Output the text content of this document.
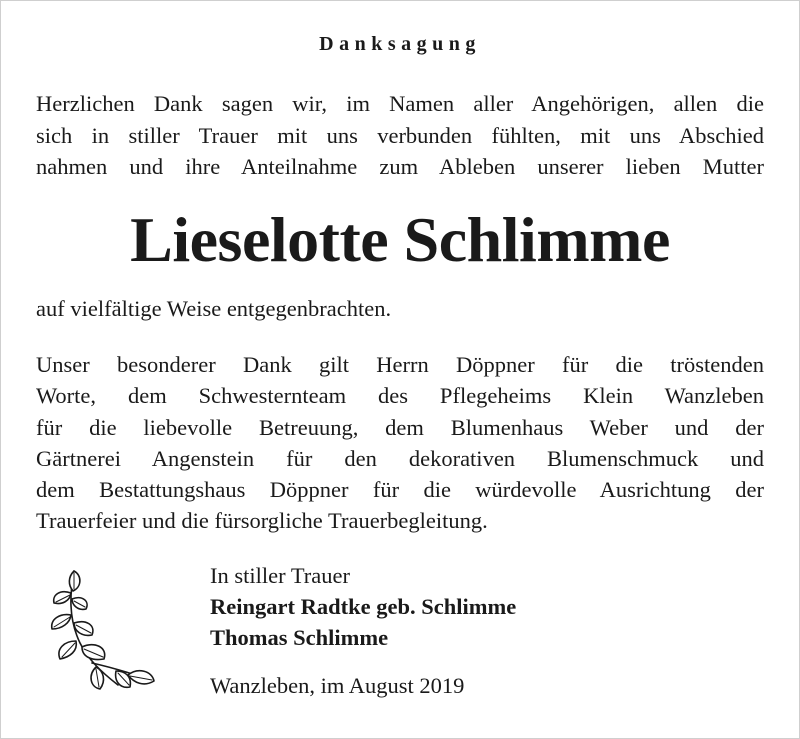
Danksagung
Herzlichen Dank sagen wir, im Namen aller Angehörigen, allen die
sich in stiller Trauer mit uns verbunden fühlten, mit uns Abschied
nahmen und ihre Anteilnahme zum Ableben unserer lieben Mutter
Lieselotte Schlimme
auf vielfältige Weise entgegenbrachten.
Unser besonderer Dank gilt Herrn Döppner für die tröstenden
Worte, dem Schwesternteam des Pflegeheims Klein Wanzleben
für die liebevolle Betreuung, dem Blumenhaus Weber und der
Gärtnerei Angenstein für den dekorativen Blumenschmuck und
dem Bestattungshaus Döppner für die würdevolle Ausrichtung der
Trauerfeier und die fürsorgliche Trauerbegleitung.
In stiller Trauer
Reingart Radtke geb. Schlimme
Thomas Schlimme
Wanzleben, im August 2019
